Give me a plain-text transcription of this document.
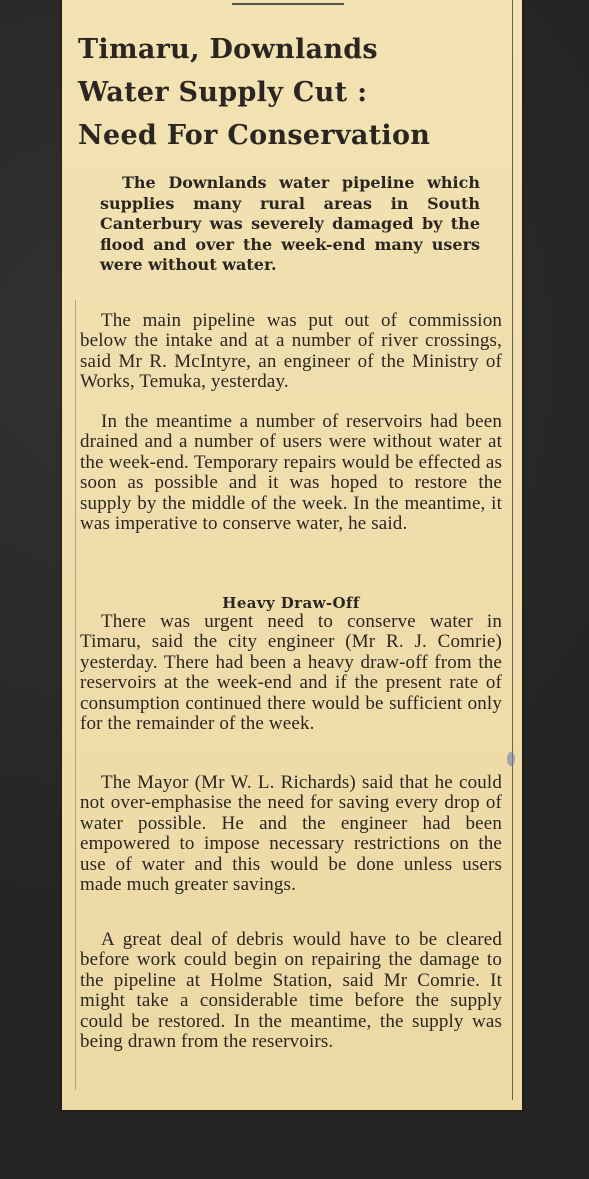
Timaru, Downlands
Water Supply Cut :
Need For Conservation

The Downlands water pipeline which supplies many rural areas in South Canterbury was severely damaged by the flood and over the week-end many users were without water.

The main pipeline was put out of commission below the intake and at a number of river crossings, said Mr R. McIntyre, an engineer of the Ministry of Works, Temuka, yesterday.

In the meantime a number of reservoirs had been drained and a number of users were without water at the week-end. Temporary repairs would be effected as soon as possible and it was hoped to restore the supply by the middle of the week. In the meantime, it was imperative to conserve water, he said.

Heavy Draw-Off

There was urgent need to conserve water in Timaru, said the city engineer (Mr R. J. Comrie) yesterday. There had been a heavy draw-off from the reservoirs at the week-end and if the present rate of consumption continued there would be sufficient only for the remainder of the week.

The Mayor (Mr W. L. Richards) said that he could not over-emphasise the need for saving every drop of water possible. He and the engineer had been empowered to impose necessary restrictions on the use of water and this would be done unless users made much greater savings.

A great deal of debris would have to be cleared before work could begin on repairing the damage to the pipeline at Holme Station, said Mr Comrie. It might take a considerable time before the supply could be restored. In the meantime, the supply was being drawn from the reservoirs.
